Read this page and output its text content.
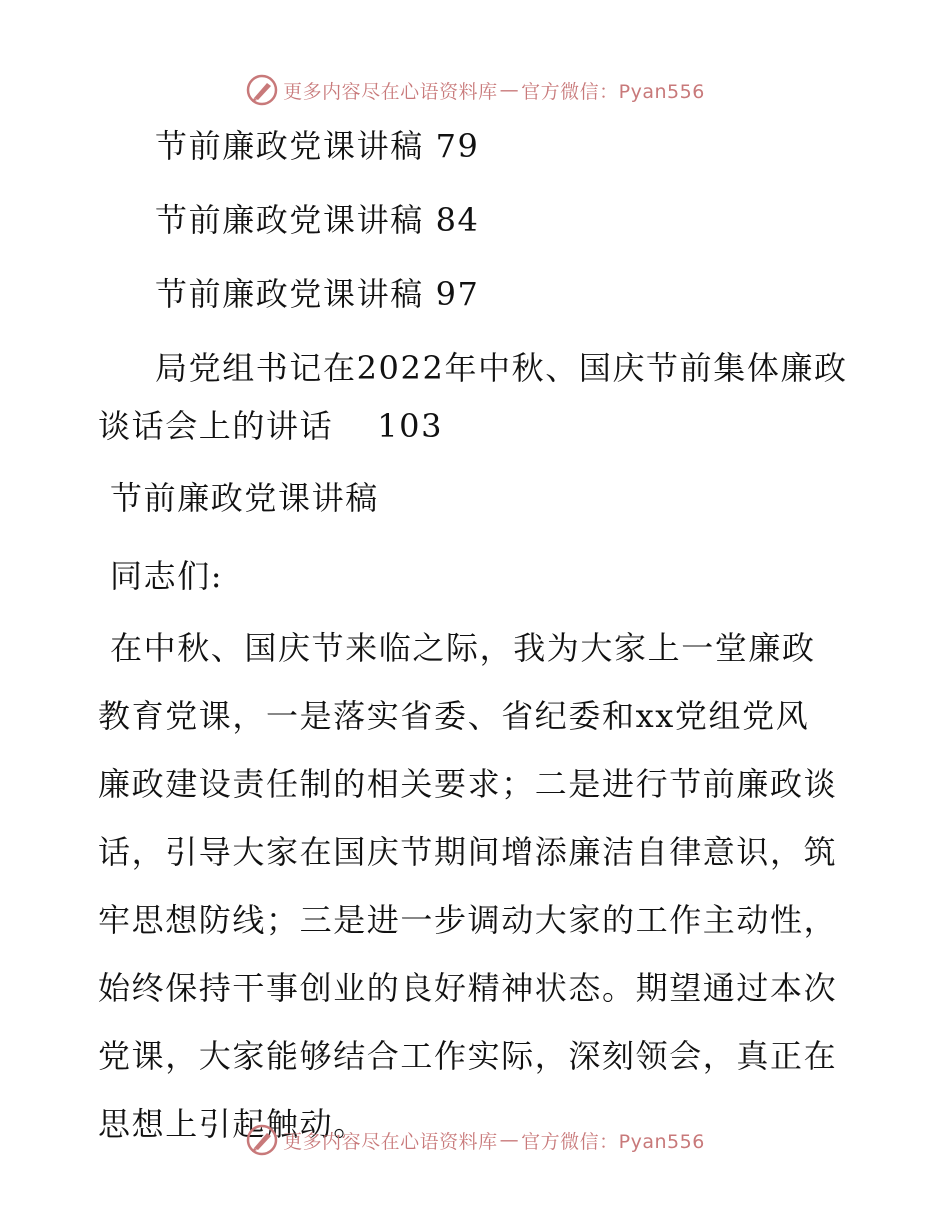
更多内容尽在心语资料库 — 官方微信：Pyan556
节前廉政党课讲稿 79
节前廉政党课讲稿 84
节前廉政党课讲稿 97
局党组书记在2022年中秋、国庆节前集体廉政
谈话会上的讲话 103
节前廉政党课讲稿
同志们:
在中秋、国庆节来临之际，我为大家上一堂廉政
教育党课，一是落实省委、省纪委和xx党组党风
廉政建设责任制的相关要求；二是进行节前廉政谈
话，引导大家在国庆节期间增添廉洁自律意识，筑
牢思想防线；三是进一步调动大家的工作主动性，
始终保持干事创业的良好精神状态。期望通过本次
党课，大家能够结合工作实际，深刻领会，真正在
思想上引起触动。
更多内容尽在心语资料库 — 官方微信：Pyan556
